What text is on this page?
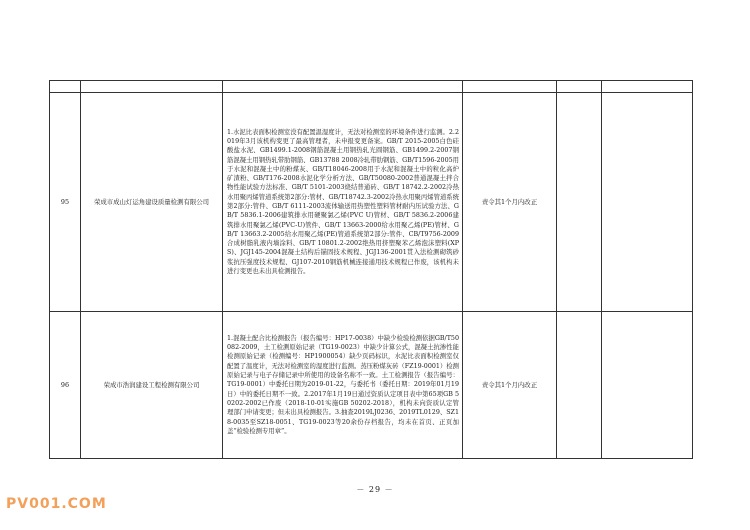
95	荣成市成山灯运角建设质量检测有限公司	1.水泥比表面积检测室没有配置温湿度计，无法对检测室的环境条件进行监测。2.2019年3月该机构变更了最高管理者，未申报变更备案。GB/T 2015-2005白色硅酸盐水泥、GB1499.1-2008钢筋混凝土用钢热轧光圆钢筋、GB1499.2-2007钢筋混凝土用钢热轧带肋钢筋、GB13788 2008冷轧带肋钢筋、GB/T1596-2005用于水泥和混凝土中的粉煤灰、GB/T18046-2008用于水泥和混凝土中的粒化高炉矿渣粉、GB/T176-2008水泥化学分析方法、GB/T50080-2002普通混凝土拌合物性能试验方法标准、GB/T 5101-2003烧结普通砖、GB/T 18742.2-2002冷热水用聚丙烯管道系统第2部分:管材、GB/T18742.3-2002冷热水用聚丙烯管道系统第2部分:管件、GB/T 6111-2003流体输送用热塑性塑料管材耐内压试验方法、GB/T 5836.1-2006建筑排水用硬聚氯乙烯(PVC U)管材、GB/T 5836.2-2006建筑排水用聚氯乙烯(PVC-U)管件、GB/T 13663-2000给水用聚乙烯(PE)管材、GB/T 13663.2-2005给水用聚乙烯(PE)管道系统第2部分:管件、CB/T9756-2009合成树脂乳液内墙涂料、GB/T 10801.2-2002绝热用挤塑聚苯乙烯泡沫塑料(XPS)、JGJ145-2004混凝土结构后锚固技术规程、JGJ136-2001贯入法检测砌筑砂浆抗压强度技术规程、GJ107-2010钢筋机械连接通用技术规程已作废，该机构未进行变更也未出具检测报告。	责令其1个月内改正		
96	荣成市浩润建设工程检测有限公司	1.混凝土配合比检测报告（报告编号：HP17-0038）中缺少检验检测依据GB/T50082-2009，土工检测原始记录（TG19-0023）中缺少计算公式，混凝土抗渗性能检测原始记录（检测编号：HP1900054）缺少页码标识，水泥比表面积检测室仅配置了温度计，无法对检测室的湿度进行监测。蒸压粉煤灰砖（FZ19-0001）检测原始记录与电子存储记录中所使用的设备名称不一致。土工检测报告（报告编号：TG19-0001）中委托日期为2019-01-22，与委托书（委托日期：2019年01月19日）中的委托日期不一致。2.2017年1月19日通过资质认定项目表中第65项GB 50202-2002已作废（2018-10-01实施GB 50202-2018），机构未向资质认定管理部门申请变更；但未出具检测报告。3.抽查2019LJ0236、2019TL0129、SZ18-0035至SZ18-0051、TG19-0023等20余份存档报告，均未在首页、正页加盖“检验检测专用章”。	责令其1个月内改正		
－ 29 －
PV001.COM
